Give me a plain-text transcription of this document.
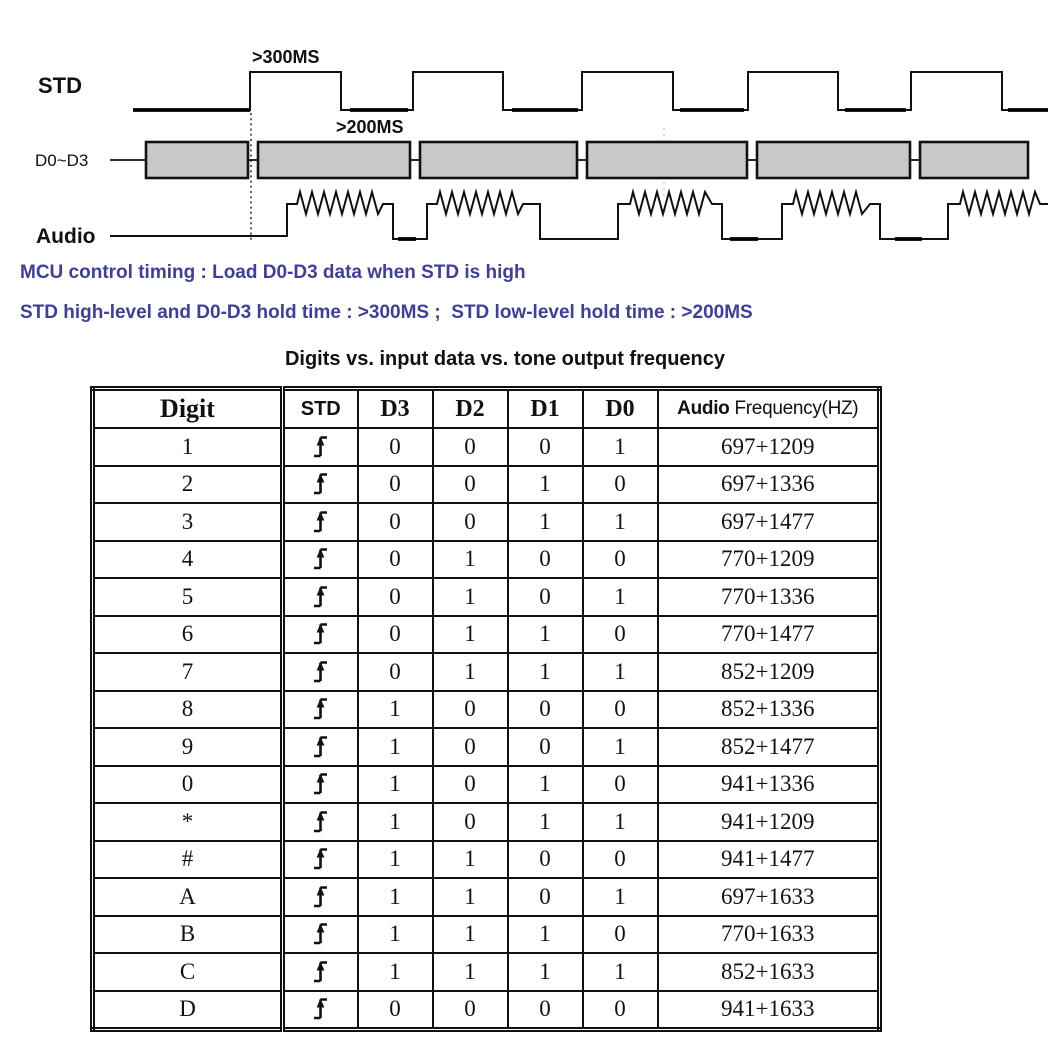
STD
D0~D3
Audio
>300MS
>200MS
MCU control timing : Load D0-D3 data when STD is high
STD high-level and D0-D3 hold time : >300MS ;  STD low-level hold time : >200MS
Digits vs. input data vs. tone output frequency
Digit	STD	D3	D2	D1	D0	Audio Frequency(HZ)
1		0	0	0	1	697+1209
2		0	0	1	0	697+1336
3		0	0	1	1	697+1477
4		0	1	0	0	770+1209
5		0	1	0	1	770+1336
6		0	1	1	0	770+1477
7		0	1	1	1	852+1209
8		1	0	0	0	852+1336
9		1	0	0	1	852+1477
0		1	0	1	0	941+1336
*		1	0	1	1	941+1209
#		1	1	0	0	941+1477
A		1	1	0	1	697+1633
B		1	1	1	0	770+1633
C		1	1	1	1	852+1633
D		0	0	0	0	941+1633
